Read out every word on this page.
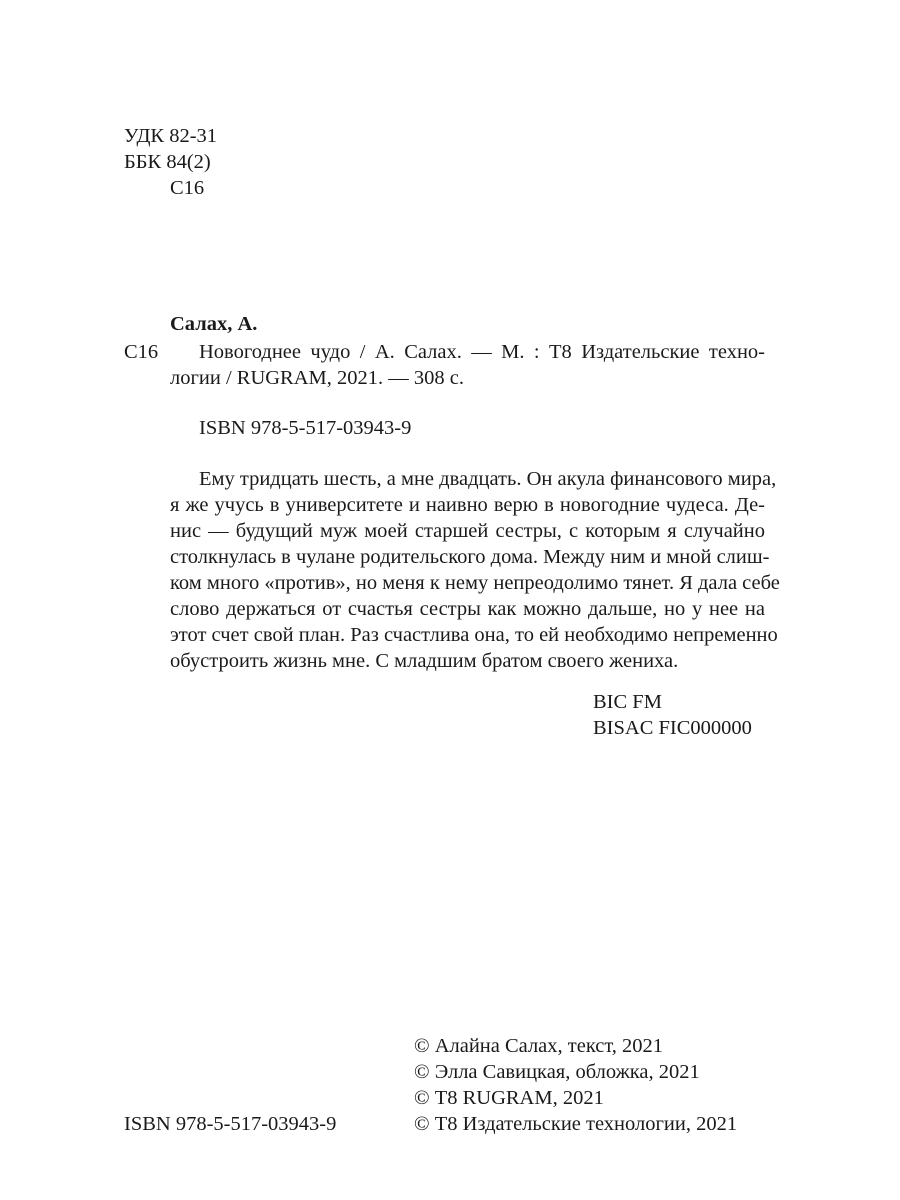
УДК 82-31
ББК 84(2)
С16
Салах, А.
С16 Новогоднее чудо / А. Салах. — М. : Т8 Издательские техно-
логии / RUGRAM, 2021. — 308 с.
ISBN 978-5-517-03943-9
Ему тридцать шесть, а мне двадцать. Он акула финансового мира,
я же учусь в университете и наивно верю в новогодние чудеса. Де-
нис — будущий муж моей старшей сестры, с которым я случайно
столкнулась в чулане родительского дома. Между ним и мной слиш-
ком много «против», но меня к нему непреодолимо тянет. Я дала себе
слово держаться от счастья сестры как можно дальше, но у нее на
этот счет свой план. Раз счастлива она, то ей необходимо непременно
обустроить жизнь мне. С младшим братом своего жениха.
BIC FM
BISAC FIC000000
ISBN 978-5-517-03943-9
© Алайна Салах, текст, 2021
© Элла Савицкая, обложка, 2021
© Т8 RUGRAM, 2021
© Т8 Издательские технологии, 2021
